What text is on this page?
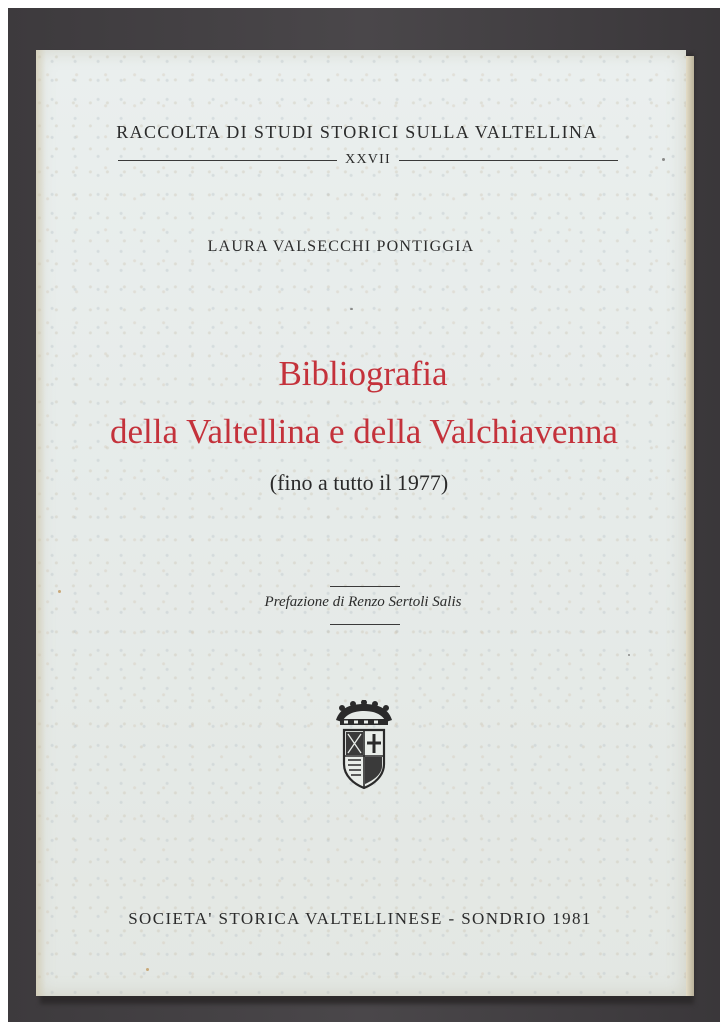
RACCOLTA DI STUDI STORICI SULLA VALTELLINA
XXVII
LAURA VALSECCHI PONTIGGIA
Bibliografia
della Valtellina e della Valchiavenna
(fino a tutto il 1977)
Prefazione di Renzo Sertoli Salis
SOCIETA' STORICA VALTELLINESE - SONDRIO 1981
